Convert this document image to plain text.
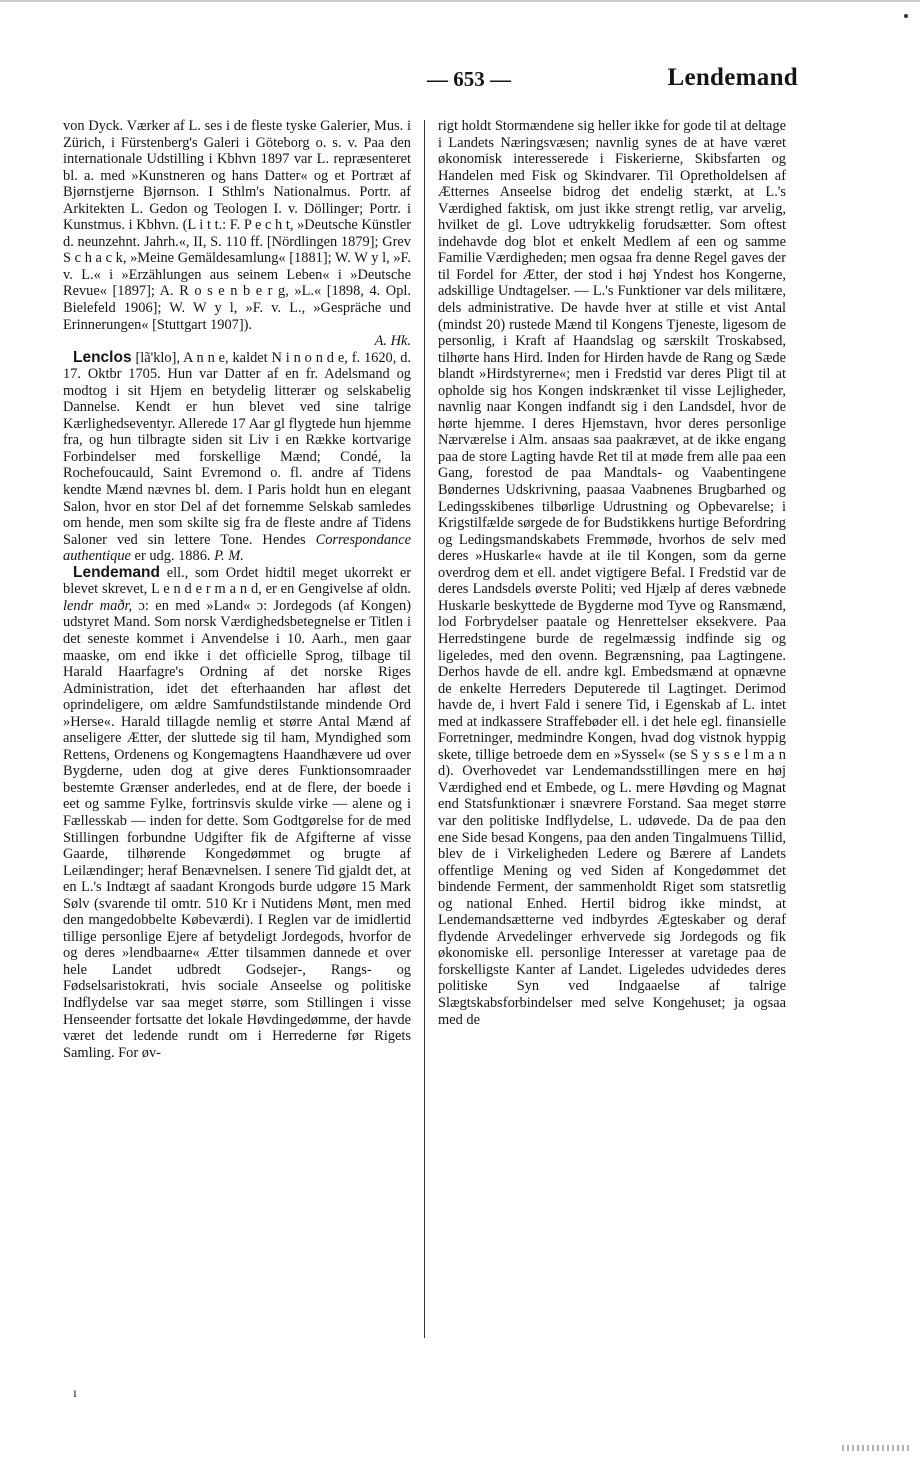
— 653 —	Lendemand

von Dyck. Værker af L. ses i de fleste tyske Galerier, Mus. i Zürich, i Fürstenberg's Galeri i Göteborg o. s. v. Paa den internationale Udstilling i Kbhvn 1897 var L. repræsenteret bl. a. med »Kunstneren og hans Datter« og et Portræt af Bjørnstjerne Bjørnson. I Sthlm's Nationalmus. Portr. af Arkitekten L. Gedon og Teologen I. v. Döllinger; Portr. i Kunstmus. i Kbhvn. (L i t t.: F. P e c h t, »Deutsche Künstler d. neunzehnt. Jahrh.«, II, S. 110 ff. [Nördlingen 1879]; Grev S c h a c k, »Meine Gemäldesamlung« [1881]; W. W y l, »F. v. L.« i »Erzählungen aus seinem Leben« i »Deutsche Revue« [1897]; A. R o s e n b e r g, »L.« [1898, 4. Opl. Bielefeld 1906]; W. W y l, »F. v. L., »Gespräche und Erinnerungen« [Stuttgart 1907]).
A. Hk.

Lenclos [lã'klo], A n n e, kaldet N i n o n d e, f. 1620, d. 17. Oktbr 1705. Hun var Datter af en fr. Adelsmand og modtog i sit Hjem en betydelig litterær og selskabelig Dannelse. Kendt er hun blevet ved sine talrige Kærlighedseventyr. Allerede 17 Aar gl flygtede hun hjemme fra, og hun tilbragte siden sit Liv i en Række kortvarige Forbindelser med forskellige Mænd; Condé, la Rochefoucauld, Saint Evremond o. fl. andre af Tidens kendte Mænd nævnes bl. dem. I Paris holdt hun en elegant Salon, hvor en stor Del af det fornemme Selskab samledes om hende, men som skilte sig fra de fleste andre af Tidens Saloner ved sin lettere Tone. Hendes Correspondance authentique er udg. 1886. P. M.

Lendemand ell., som Ordet hidtil meget ukorrekt er blevet skrevet, L e n d e r m a n d, er en Gengivelse af oldn. lendr maðr, ɔ: en med »Land« ɔ: Jordegods (af Kongen) udstyret Mand. Som norsk Værdighedsbetegnelse er Titlen i det seneste kommet i Anvendelse i 10. Aarh., men gaar maaske, om end ikke i det officielle Sprog, tilbage til Harald Haarfagre's Ordning af det norske Riges Administration, idet det efterhaanden har afløst det oprindeligere, om ældre Samfundstilstande mindende Ord »Herse«. Harald tillagde nemlig et større Antal Mænd af anseligere Ætter, der sluttede sig til ham, Myndighed som Rettens, Ordenens og Kongemagtens Haandhævere ud over Bygderne, uden dog at give deres Funktionsomraader bestemte Grænser anderledes, end at de flere, der boede i eet og samme Fylke, fortrinsvis skulde virke — alene og i Fællesskab — inden for dette. Som Godtgørelse for de med Stillingen forbundne Udgifter fik de Afgifterne af visse Gaarde, tilhørende Kongedømmet og brugte af Leilændinger; heraf Benævnelsen. I senere Tid gjaldt det, at en L.'s Indtægt af saadant Krongods burde udgøre 15 Mark Sølv (svarende til omtr. 510 Kr i Nutidens Mønt, men med den mangedobbelte Købeværdi). I Reglen var de imidlertid tillige personlige Ejere af betydeligt Jordegods, hvorfor de og deres »lendbaarne« Ætter tilsammen dannede et over hele Landet udbredt Godsejer-, Rangs- og Fødselsaristokrati, hvis sociale Anseelse og politiske Indflydelse var saa meget større, som Stillingen i visse Henseender fortsatte det lokale Høvdingedømme, der havde været det ledende rundt om i Herrederne før Rigets Samling. For øv-

rigt holdt Stormændene sig heller ikke for gode til at deltage i Landets Næringsvæsen; navnlig synes de at have været økonomisk interesserede i Fiskerierne, Skibsfarten og Handelen med Fisk og Skindvarer. Til Opretholdelsen af Ætternes Anseelse bidrog det endelig stærkt, at L.'s Værdighed faktisk, om just ikke strengt retlig, var arvelig, hvilket de gl. Love udtrykkelig forudsætter. Som oftest indehavde dog blot et enkelt Medlem af een og samme Familie Værdigheden; men ogsaa fra denne Regel gaves der til Fordel for Ætter, der stod i høj Yndest hos Kongerne, adskillige Undtagelser. — L.'s Funktioner var dels militære, dels administrative. De havde hver at stille et vist Antal (mindst 20) rustede Mænd til Kongens Tjeneste, ligesom de personlig, i Kraft af Haandslag og særskilt Troskabsed, tilhørte hans Hird. Inden for Hirden havde de Rang og Sæde blandt »Hirdstyrerne«; men i Fredstid var deres Pligt til at opholde sig hos Kongen indskrænket til visse Lejligheder, navnlig naar Kongen indfandt sig i den Landsdel, hvor de hørte hjemme. I deres Hjemstavn, hvor deres personlige Nærværelse i Alm. ansaas saa paakrævet, at de ikke engang paa de store Lagting havde Ret til at møde frem alle paa een Gang, forestod de paa Mandtals- og Vaabentingene Bøndernes Udskrivning, paasaa Vaabnenes Brugbarhed og Ledingsskibenes tilbørlige Udrustning og Opbevarelse; i Krigstilfælde sørgede de for Budstikkens hurtige Befordring og Ledingsmandskabets Fremmøde, hvorhos de selv med deres »Huskarle« havde at ile til Kongen, som da gerne overdrog dem et ell. andet vigtigere Befal. I Fredstid var de deres Landsdels øverste Politi; ved Hjælp af deres væbnede Huskarle beskyttede de Bygderne mod Tyve og Ransmænd, lod Forbrydelser paatale og Henrettelser eksekvere. Paa Herredstingene burde de regelmæssig indfinde sig og ligeledes, med den ovenn. Begrænsning, paa Lagtingene. Derhos havde de ell. andre kgl. Embedsmænd at opnævne de enkelte Herreders Deputerede til Lagtinget. Derimod havde de, i hvert Fald i senere Tid, i Egenskab af L. intet med at indkassere Straffebøder ell. i det hele egl. finansielle Forretninger, medmindre Kongen, hvad dog vistnok hyppig skete, tillige betroede dem en »Syssel« (se S y s s e l m a n d). Overhovedet var Lendemandsstillingen mere en høj Værdighed end et Embede, og L. mere Høvding og Magnat end Statsfunktionær i snævrere Forstand. Saa meget større var den politiske Indflydelse, L. udøvede. Da de paa den ene Side besad Kongens, paa den anden Tingalmuens Tillid, blev de i Virkeligheden Ledere og Bærere af Landets offentlige Mening og ved Siden af Kongedømmet det bindende Ferment, der sammenholdt Riget som statsretlig og national Enhed. Hertil bidrog ikke mindst, at Lendemandsætterne ved indbyrdes Ægteskaber og deraf flydende Arvedelinger erhvervede sig Jordegods og fik økonomiske ell. personlige Interesser at varetage paa de forskelligste Kanter af Landet. Ligeledes udvidedes deres politiske Syn ved Indgaaelse af talrige Slægtskabsforbindelser med selve Kongehuset; ja ogsaa med de

ı
